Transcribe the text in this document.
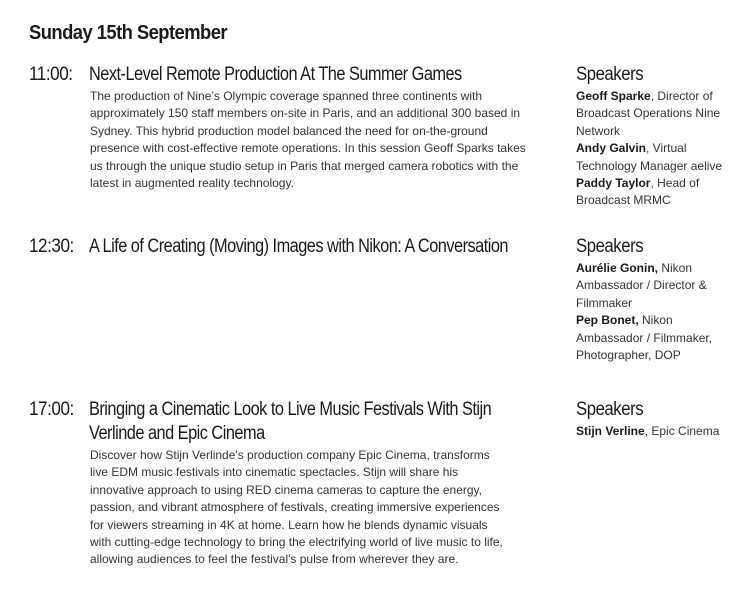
Sunday 15th September
11:00: Next-Level Remote Production At The Summer Games

The production of Nine’s Olympic coverage spanned three continents with approximately 150 staff members on-site in Paris, and an additional 300 based in Sydney. This hybrid production model balanced the need for on-the-ground presence with cost-effective remote operations. In this session Geoff Sparks takes us through the unique studio setup in Paris that merged camera robotics with the latest in augmented reality technology.

Speakers
Geoff Sparke, Director of Broadcast Operations Nine Network
Andy Galvin, Virtual Technology Manager aelive
Paddy Taylor, Head of Broadcast MRMC
12:30: A Life of Creating (Moving) Images with Nikon: A Conversation	Speakers
Aurélie Gonin, Nikon Ambassador / Director & Filmmaker
Pep Bonet, Nikon Ambassador / Filmmaker, Photographer, DOP
17:00: Bringing a Cinematic Look to Live Music Festivals With Stijn Verlinde and Epic Cinema

Discover how Stijn Verlinde's production company Epic Cinema, transforms live EDM music festivals into cinematic spectacles. Stijn will share his innovative approach to using RED cinema cameras to capture the energy, passion, and vibrant atmosphere of festivals, creating immersive experiences for viewers streaming in 4K at home. Learn how he blends dynamic visuals with cutting-edge technology to bring the electrifying world of live music to life, allowing audiences to feel the festival's pulse from wherever they are.

Speakers
Stijn Verline, Epic Cinema
